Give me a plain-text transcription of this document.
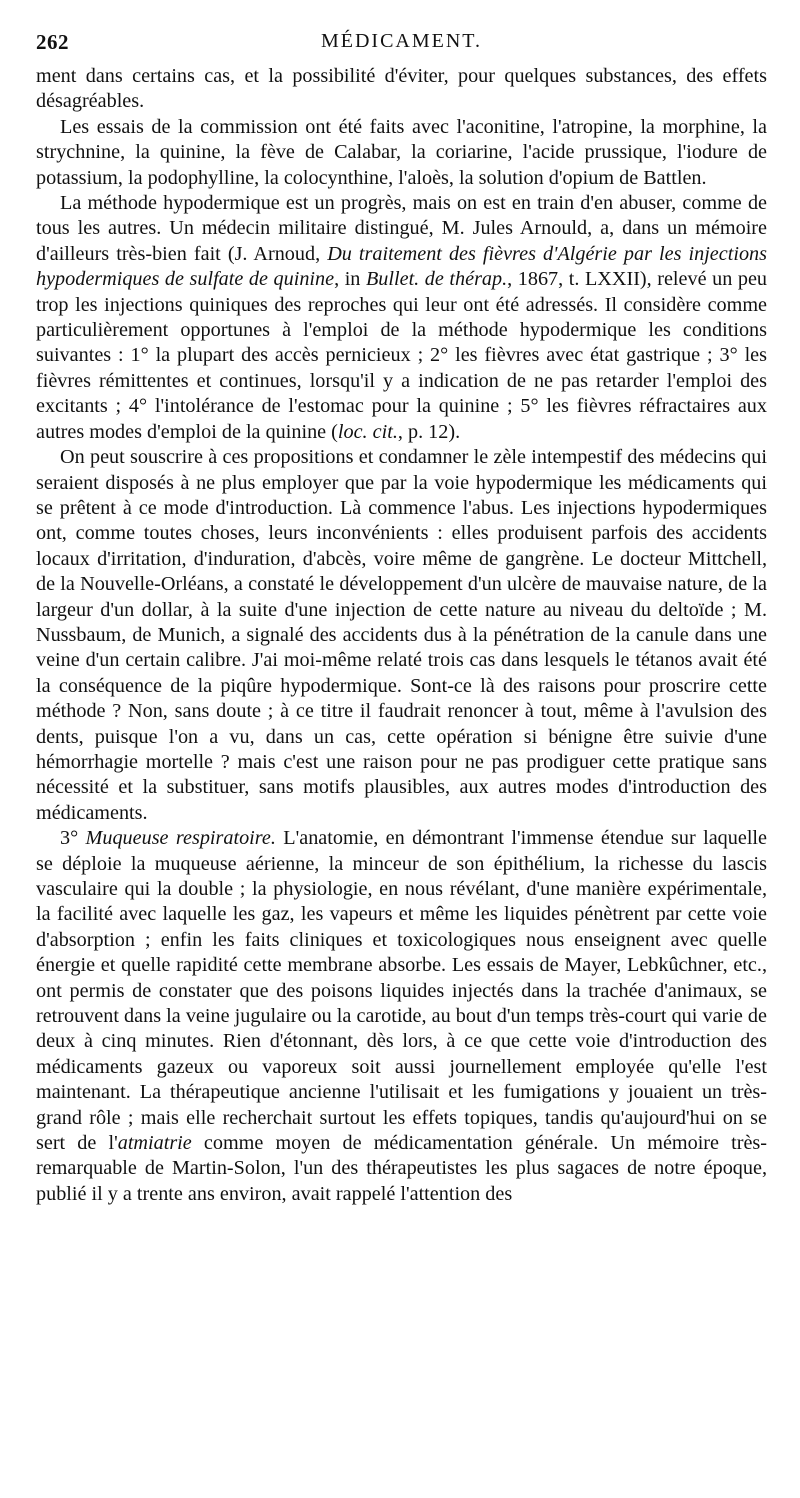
262	MÉDICAMENT.

ment dans certains cas, et la possibilité d'éviter, pour quelques substances, des effets désagréables.

Les essais de la commission ont été faits avec l'aconitine, l'atropine, la morphine, la strychnine, la quinine, la fève de Calabar, la coriarine, l'acide prussique, l'iodure de potassium, la podophylline, la colocynthine, l'aloès, la solution d'opium de Battlen.

La méthode hypodermique est un progrès, mais on est en train d'en abuser, comme de tous les autres. Un médecin militaire distingué, M. Jules Arnould, a, dans un mémoire d'ailleurs très-bien fait (J. Arnoud, Du traitement des fièvres d'Algérie par les injections hypodermiques de sulfate de quinine, in Bullet. de thérap., 1867, t. LXXII), relevé un peu trop les injections quiniques des reproches qui leur ont été adressés. Il considère comme particulièrement opportunes à l'emploi de la méthode hypodermique les conditions suivantes : 1° la plupart des accès pernicieux ; 2° les fièvres avec état gastrique ; 3° les fièvres rémittentes et continues, lorsqu'il y a indication de ne pas retarder l'emploi des excitants ; 4° l'intolérance de l'estomac pour la quinine ; 5° les fièvres réfractaires aux autres modes d'emploi de la quinine (loc. cit., p. 12).

On peut souscrire à ces propositions et condamner le zèle intempestif des médecins qui seraient disposés à ne plus employer que par la voie hypodermique les médicaments qui se prêtent à ce mode d'introduction. Là commence l'abus. Les injections hypodermiques ont, comme toutes choses, leurs inconvénients : elles produisent parfois des accidents locaux d'irritation, d'induration, d'abcès, voire même de gangrène. Le docteur Mittchell, de la Nouvelle-Orléans, a constaté le développement d'un ulcère de mauvaise nature, de la largeur d'un dollar, à la suite d'une injection de cette nature au niveau du deltoïde ; M. Nussbaum, de Munich, a signalé des accidents dus à la pénétration de la canule dans une veine d'un certain calibre. J'ai moi-même relaté trois cas dans lesquels le tétanos avait été la conséquence de la piqûre hypodermique. Sont-ce là des raisons pour proscrire cette méthode ? Non, sans doute ; à ce titre il faudrait renoncer à tout, même à l'avulsion des dents, puisque l'on a vu, dans un cas, cette opération si bénigne être suivie d'une hémorrhagie mortelle ? mais c'est une raison pour ne pas prodiguer cette pratique sans nécessité et la substituer, sans motifs plausibles, aux autres modes d'introduction des médicaments.

3° Muqueuse respiratoire. L'anatomie, en démontrant l'immense étendue sur laquelle se déploie la muqueuse aérienne, la minceur de son épithélium, la richesse du lascis vasculaire qui la double ; la physiologie, en nous révélant, d'une manière expérimentale, la facilité avec laquelle les gaz, les vapeurs et même les liquides pénètrent par cette voie d'absorption ; enfin les faits cliniques et toxicologiques nous enseignent avec quelle énergie et quelle rapidité cette membrane absorbe. Les essais de Mayer, Lebkûchner, etc., ont permis de constater que des poisons liquides injectés dans la trachée d'animaux, se retrouvent dans la veine jugulaire ou la carotide, au bout d'un temps très-court qui varie de deux à cinq minutes. Rien d'étonnant, dès lors, à ce que cette voie d'introduction des médicaments gazeux ou vaporeux soit aussi journellement employée qu'elle l'est maintenant. La thérapeutique ancienne l'utilisait et les fumigations y jouaient un très-grand rôle ; mais elle recherchait surtout les effets topiques, tandis qu'aujourd'hui on se sert de l'atmiatrie comme moyen de médicamentation générale. Un mémoire très-remarquable de Martin-Solon, l'un des thérapeutistes les plus sagaces de notre époque, publié il y a trente ans environ, avait rappelé l'attention des
